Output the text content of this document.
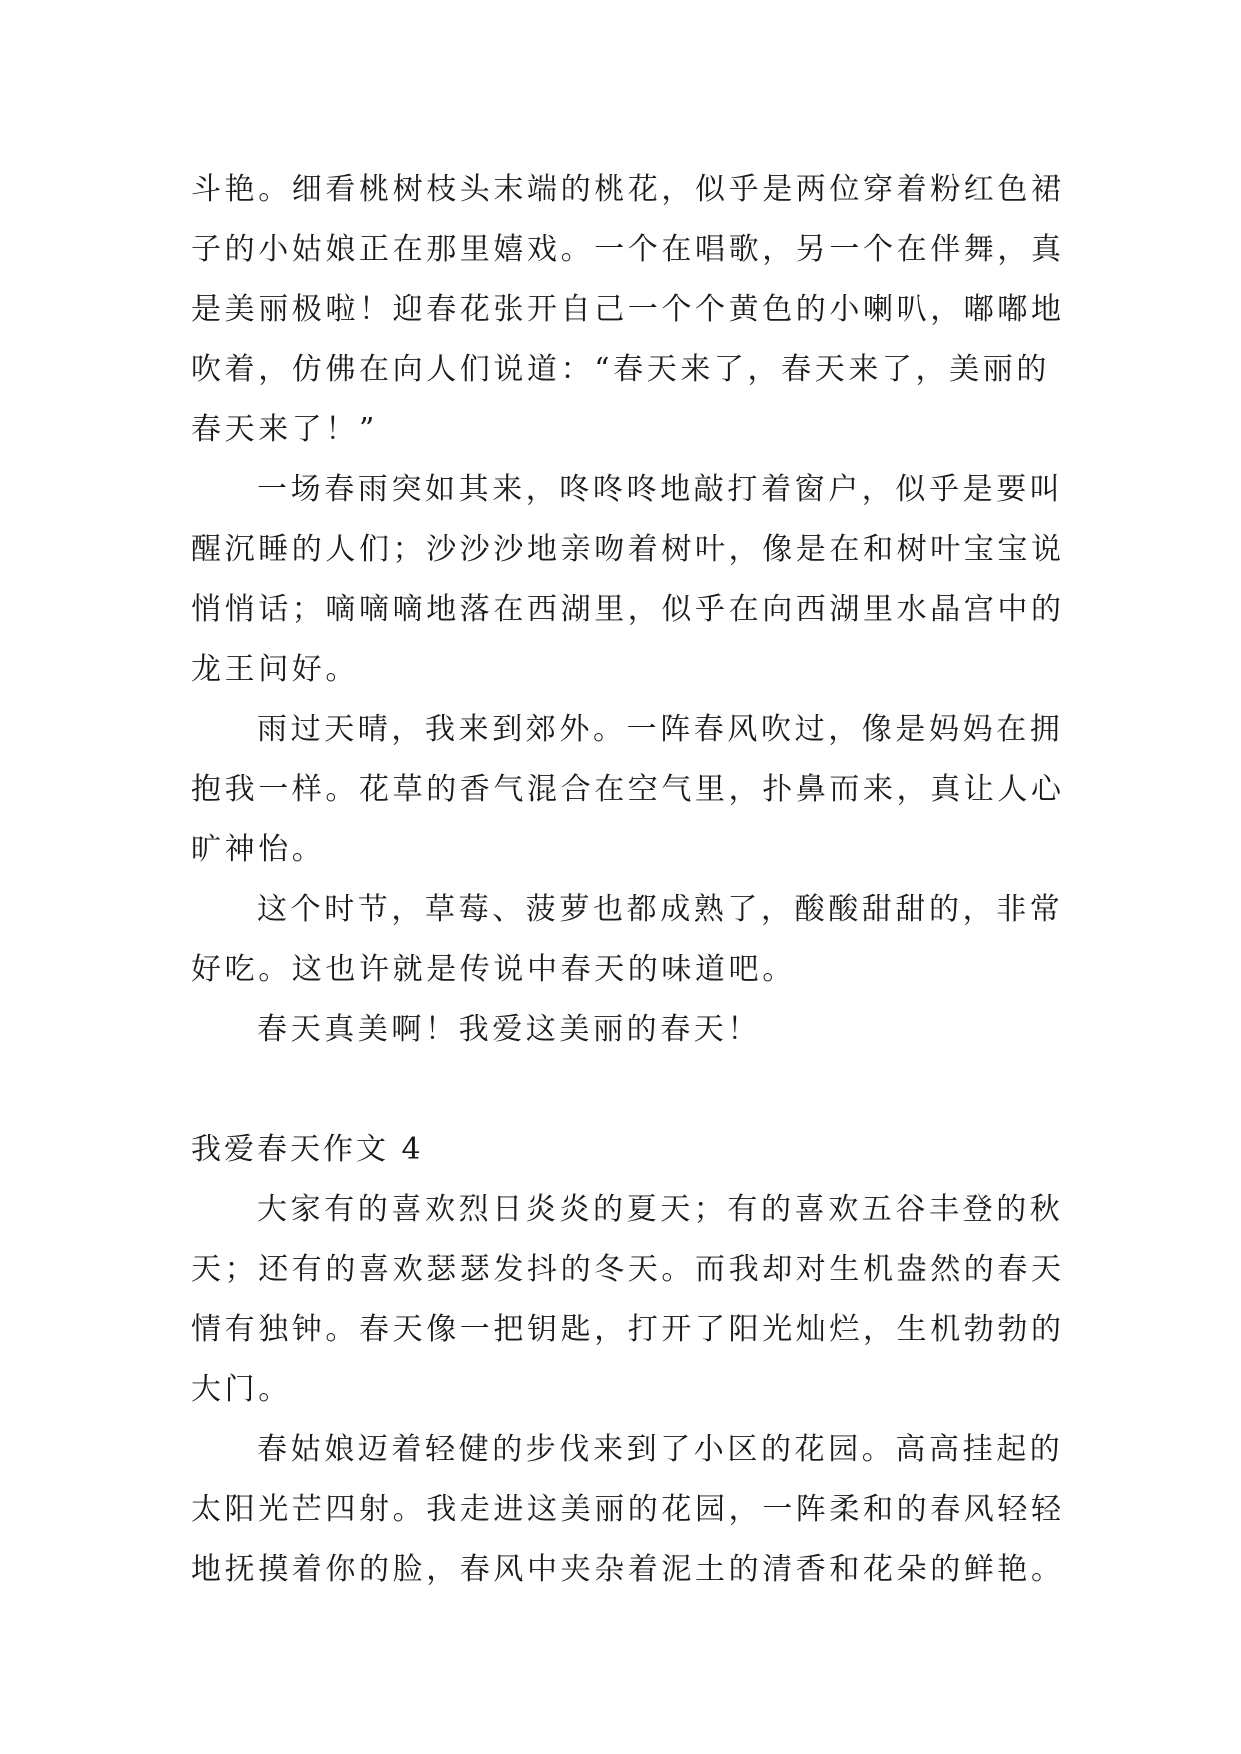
斗艳。细看桃树枝头末端的桃花，似乎是两位穿着粉红色裙
子的小姑娘正在那里嬉戏。一个在唱歌，另一个在伴舞，真
是美丽极啦！迎春花张开自己一个个黄色的小喇叭，嘟嘟地
吹着，仿佛在向人们说道：“春天来了，春天来了，美丽的
春天来了！”
一场春雨突如其来，咚咚咚地敲打着窗户，似乎是要叫
醒沉睡的人们；沙沙沙地亲吻着树叶，像是在和树叶宝宝说
悄悄话；嘀嘀嘀地落在西湖里，似乎在向西湖里水晶宫中的
龙王问好。
雨过天晴，我来到郊外。一阵春风吹过，像是妈妈在拥
抱我一样。花草的香气混合在空气里，扑鼻而来，真让人心
旷神怡。
这个时节，草莓、菠萝也都成熟了，酸酸甜甜的，非常
好吃。这也许就是传说中春天的味道吧。
春天真美啊！我爱这美丽的春天！
我爱春天作文 4
大家有的喜欢烈日炎炎的夏天；有的喜欢五谷丰登的秋
天；还有的喜欢瑟瑟发抖的冬天。而我却对生机盎然的春天
情有独钟。春天像一把钥匙，打开了阳光灿烂，生机勃勃的
大门。
春姑娘迈着轻健的步伐来到了小区的花园。高高挂起的
太阳光芒四射。我走进这美丽的花园，一阵柔和的春风轻轻
地抚摸着你的脸，春风中夹杂着泥土的清香和花朵的鲜艳。
